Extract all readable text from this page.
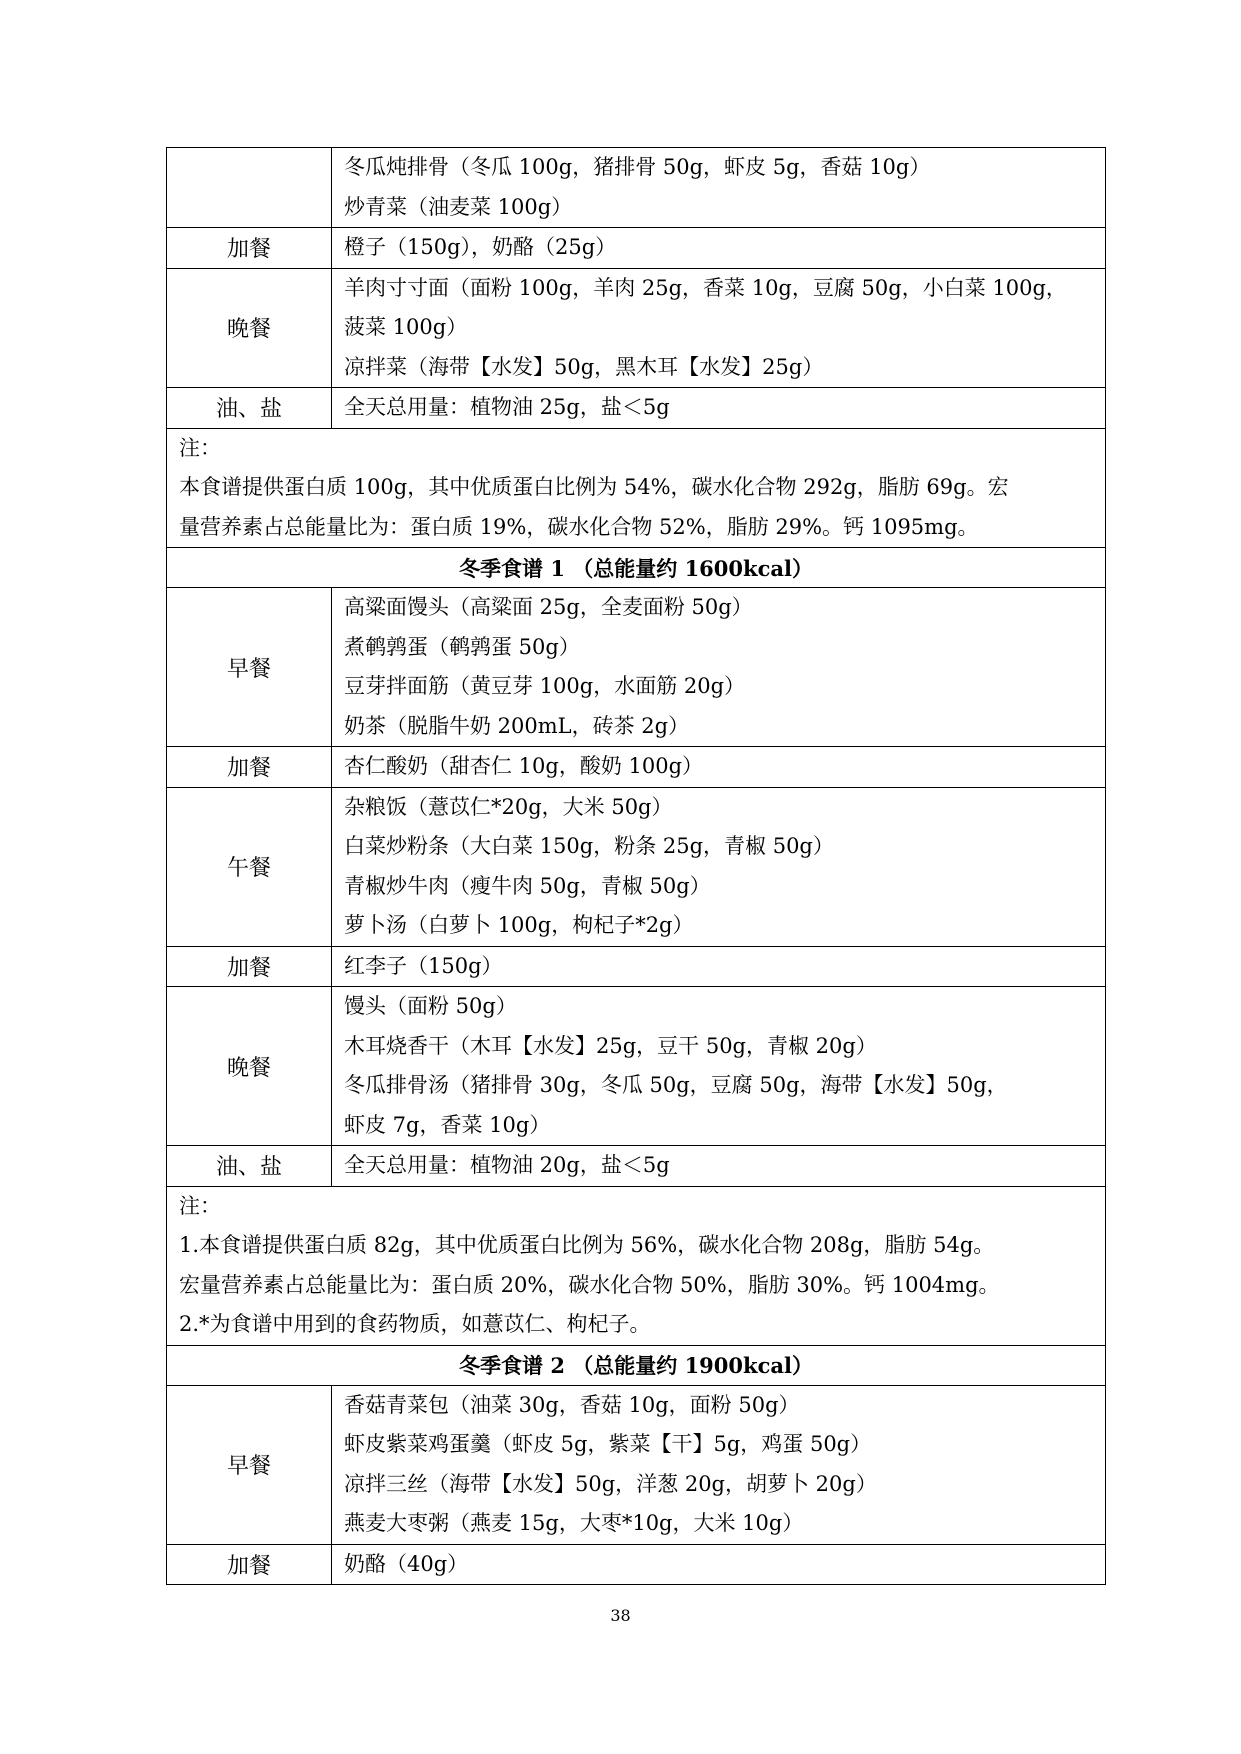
	冬瓜炖排骨（冬瓜 100g，猪排骨 50g，虾皮 5g，香菇 10g）
炒青菜（油麦菜 100g）

加餐	橙子（150g），奶酪（25g）

晚餐	羊肉寸寸面（面粉 100g，羊肉 25g，香菜 10g，豆腐 50g，小白菜 100g，
菠菜 100g）
凉拌菜（海带【水发】50g，黑木耳【水发】25g）

油、盐	全天总用量：植物油 25g，盐＜5g

注：
本食谱提供蛋白质 100g，其中优质蛋白比例为 54%，碳水化合物 292g，脂肪 69g。宏
量营养素占总能量比为：蛋白质 19%，碳水化合物 52%，脂肪 29%。钙 1095mg。	

冬季食谱 1 （总能量约 1600kcal）	
早餐	高粱面馒头（高粱面 25g，全麦面粉 50g）
煮鹌鹑蛋（鹌鹑蛋 50g）
豆芽拌面筋（黄豆芽 100g，水面筋 20g）
奶茶（脱脂牛奶 200mL，砖茶 2g）

加餐	杏仁酸奶（甜杏仁 10g，酸奶 100g）

午餐	杂粮饭（薏苡仁*20g，大米 50g）
白菜炒粉条（大白菜 150g，粉条 25g，青椒 50g）
青椒炒牛肉（瘦牛肉 50g，青椒 50g）
萝卜汤（白萝卜 100g，枸杞子*2g）

加餐	红李子（150g）

晚餐	馒头（面粉 50g）
木耳烧香干（木耳【水发】25g，豆干 50g，青椒 20g）
冬瓜排骨汤（猪排骨 30g，冬瓜 50g，豆腐 50g，海带【水发】50g，
虾皮 7g，香菜 10g）

油、盐	全天总用量：植物油 20g，盐＜5g

注：
1.本食谱提供蛋白质 82g，其中优质蛋白比例为 56%，碳水化合物 208g，脂肪 54g。
宏量营养素占总能量比为：蛋白质 20%，碳水化合物 50%，脂肪 30%。钙 1004mg。
2.*为食谱中用到的食药物质，如薏苡仁、枸杞子。	

冬季食谱 2 （总能量约 1900kcal）	
早餐	香菇青菜包（油菜 30g，香菇 10g，面粉 50g）
虾皮紫菜鸡蛋羹（虾皮 5g，紫菜【干】5g，鸡蛋 50g）
凉拌三丝（海带【水发】50g，洋葱 20g，胡萝卜 20g）
燕麦大枣粥（燕麦 15g，大枣*10g，大米 10g）

加餐	奶酪（40g）
38
